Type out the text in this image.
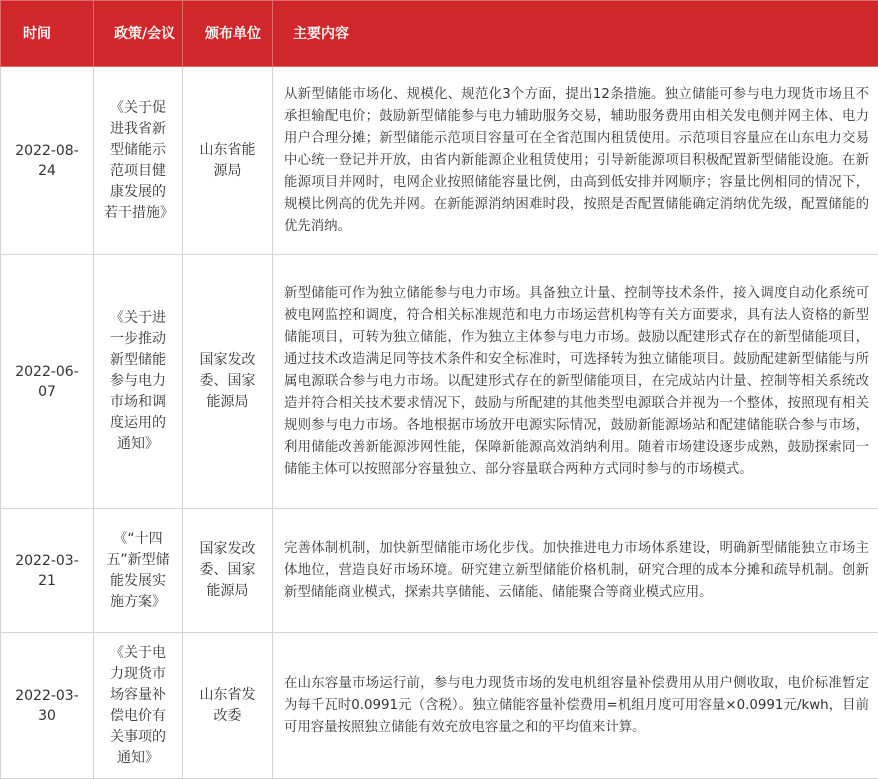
时间	政策/会议	颁布单位	主要内容
2022-08-24	《关于促进我省新型储能示范项目健康发展的若干措施》	山东省能源局	从新型储能市场化、规模化、规范化3个方面，提出12条措施。独立储能可参与电力现货市场且不承担输配电价；鼓励新型储能参与电力辅助服务交易，辅助服务费用由相关发电侧并网主体、电力用户合理分摊；新型储能示范项目容量可在全省范围内租赁使用。示范项目容量应在山东电力交易中心统一登记并开放，由省内新能源企业租赁使用；引导新能源项目积极配置新型储能设施。在新能源项目并网时，电网企业按照储能容量比例，由高到低安排并网顺序；容量比例相同的情况下，规模比例高的优先并网。在新能源消纳困难时段，按照是否配置储能确定消纳优先级，配置储能的优先消纳。
2022-06-07	《关于进一步推动新型储能参与电力市场和调度运用的通知》	国家发改委、国家能源局	新型储能可作为独立储能参与电力市场。具备独立计量、控制等技术条件，接入调度自动化系统可被电网监控和调度，符合相关标准规范和电力市场运营机构等有关方面要求，具有法人资格的新型储能项目，可转为独立储能，作为独立主体参与电力市场。鼓励以配建形式存在的新型储能项目，通过技术改造满足同等技术条件和安全标准时，可选择转为独立储能项目。鼓励配建新型储能与所属电源联合参与电力市场。以配建形式存在的新型储能项目，在完成站内计量、控制等相关系统改造并符合相关技术要求情况下，鼓励与所配建的其他类型电源联合并视为一个整体，按照现有相关规则参与电力市场。各地根据市场放开电源实际情况，鼓励新能源场站和配建储能联合参与市场，利用储能改善新能源涉网性能，保障新能源高效消纳利用。随着市场建设逐步成熟，鼓励探索同一储能主体可以按照部分容量独立、部分容量联合两种方式同时参与的市场模式。
2022-03-21	《“十四五”新型储能发展实施方案》	国家发改委、国家能源局	完善体制机制，加快新型储能市场化步伐。加快推进电力市场体系建设，明确新型储能独立市场主体地位，营造良好市场环境。研究建立新型储能价格机制，研究合理的成本分摊和疏导机制。创新新型储能商业模式，探索共享储能、云储能、储能聚合等商业模式应用。
2022-03-30	《关于电力现货市场容量补偿电价有关事项的通知》	山东省发改委	在山东容量市场运行前，参与电力现货市场的发电机组容量补偿费用从用户侧收取，电价标准暂定为每千瓦时0.0991元（含税）。独立储能容量补偿费用=机组月度可用容量×0.0991元/kwh，目前可用容量按照独立储能有效充放电容量之和的平均值来计算。
